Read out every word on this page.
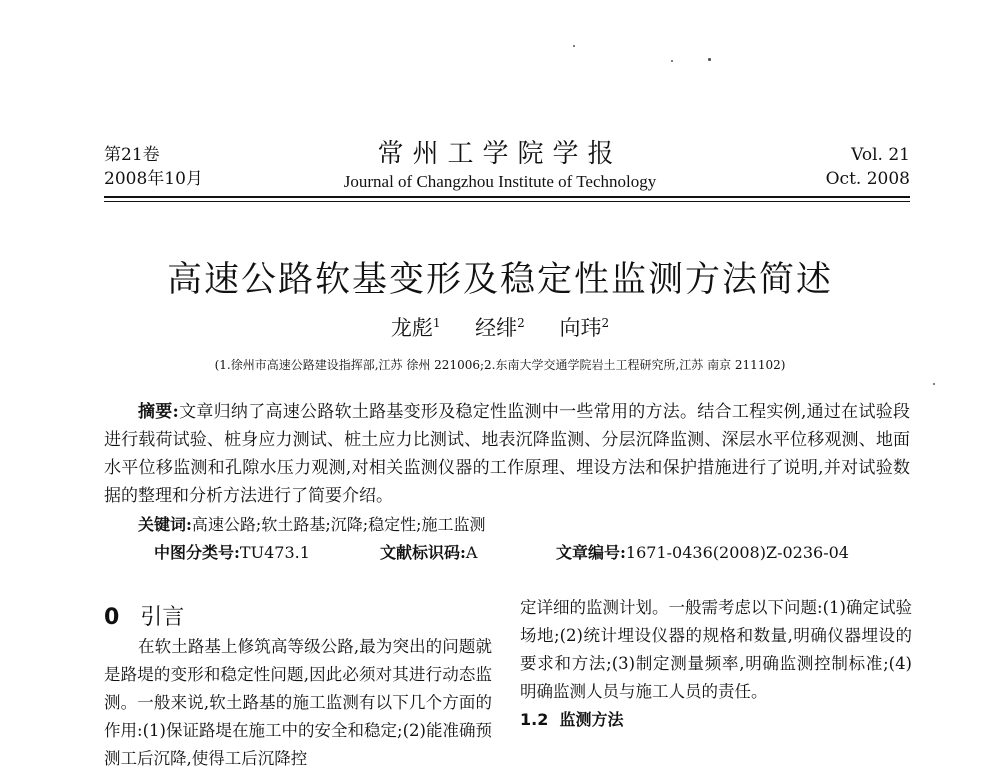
第21卷
2008年10月
常州工学院学报
Journal of Changzhou Institute of Technology
Vol. 21
Oct. 2008
高速公路软基变形及稳定性监测方法简述
龙彪$^1$ 经绯$^2$ 向玮$^2$
(1.徐州市高速公路建设指挥部,江苏 徐州 221006;2.东南大学交通学院岩土工程研究所,江苏 南京 211102)
摘要:文章归纳了高速公路软土路基变形及稳定性监测中一些常用的方法。结合工程实例,通过在试验段进行载荷试验、桩身应力测试、桩土应力比测试、地表沉降监测、分层沉降监测、深层水平位移观测、地面水平位移监测和孔隙水压力观测,对相关监测仪器的工作原理、埋设方法和保护措施进行了说明,并对试验数据的整理和分析方法进行了简要介绍。
关键词:高速公路;软土路基;沉降;稳定性;施工监测
中图分类号:TU473.1	文献标识码:A	文章编号:1671-0436(2008)Z-0236-04
0 引言
在软土路基上修筑高等级公路,最为突出的问题就是路堤的变形和稳定性问题,因此必须对其进行动态监测。一般来说,软土路基的施工监测有以下几个方面的作用:(1)保证路堤在施工中的安全和稳定;(2)能准确预测工后沉降,使得工后沉降控
定详细的监测计划。一般需考虑以下问题:(1)确定试验场地;(2)统计埋设仪器的规格和数量,明确仪器埋设的要求和方法;(3)制定测量频率,明确监测控制标准;(4)明确监测人员与施工人员的责任。
1.2 监测方法
